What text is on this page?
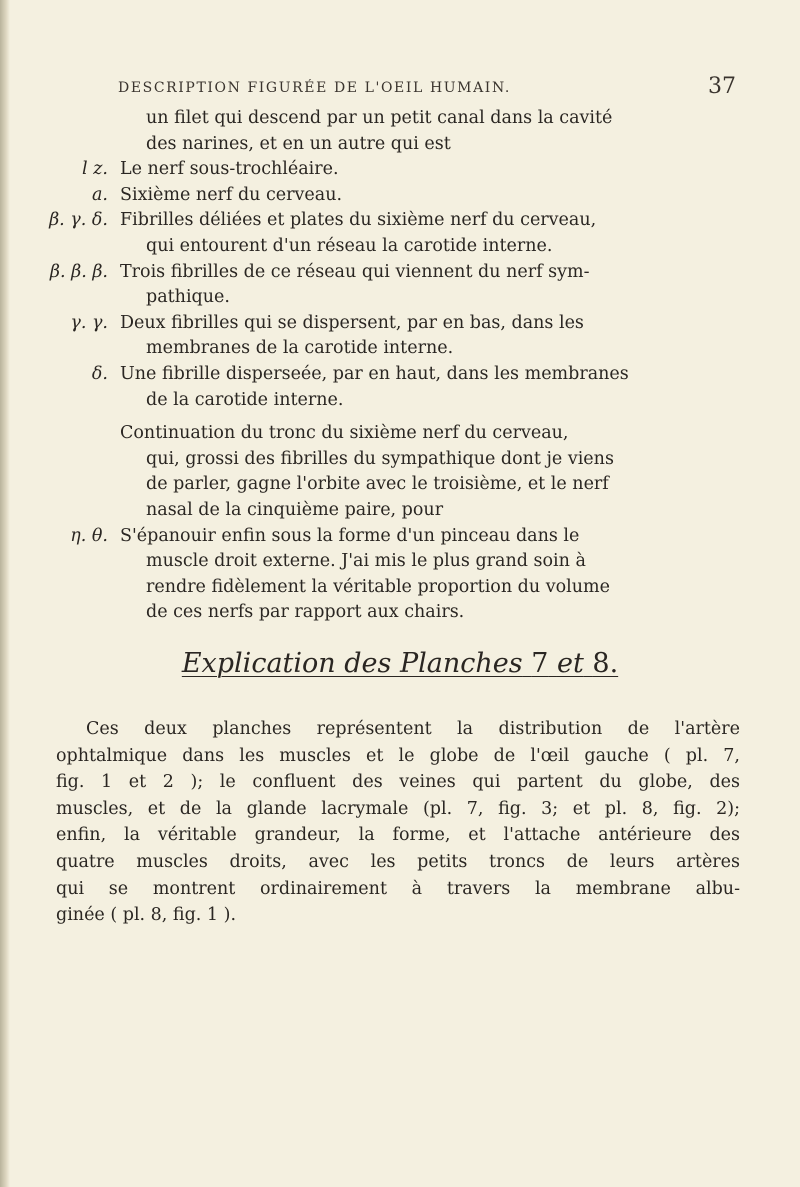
DESCRIPTION FIGURÉE DE L'OEIL HUMAIN.	37
un filet qui descend par un petit canal dans la cavité
des narines, et en un autre qui est
l z. Le nerf sous-trochléaire.
a. Sixième nerf du cerveau.
β. γ. δ. Fibrilles déliées et plates du sixième nerf du cerveau,
qui entourent d'un réseau la carotide interne.
β. β. β. Trois fibrilles de ce réseau qui viennent du nerf sym-
pathique.
γ. γ. Deux fibrilles qui se dispersent, par en bas, dans les
membranes de la carotide interne.
δ. Une fibrille disperseée, par en haut, dans les membranes
de la carotide interne.
Continuation du tronc du sixième nerf du cerveau,
qui, grossi des fibrilles du sympathique dont je viens
de parler, gagne l'orbite avec le troisième, et le nerf
nasal de la cinquième paire, pour
η. θ. S'épanouir enfin sous la forme d'un pinceau dans le
muscle droit externe. J'ai mis le plus grand soin à
rendre fidèlement la véritable proportion du volume
de ces nerfs par rapport aux chairs.
Explication des Planches 7 et 8.
Ces deux planches représentent la distribution de l'artère
ophtalmique dans les muscles et le globe de l'œil gauche ( pl. 7,
fig. 1 et 2 ); le confluent des veines qui partent du globe, des
muscles, et de la glande lacrymale (pl. 7, fig. 3; et pl. 8, fig. 2);
enfin, la véritable grandeur, la forme, et l'attache antérieure des
quatre muscles droits, avec les petits troncs de leurs artères
qui se montrent ordinairement à travers la membrane albu-
ginée ( pl. 8, fig. 1 ).
